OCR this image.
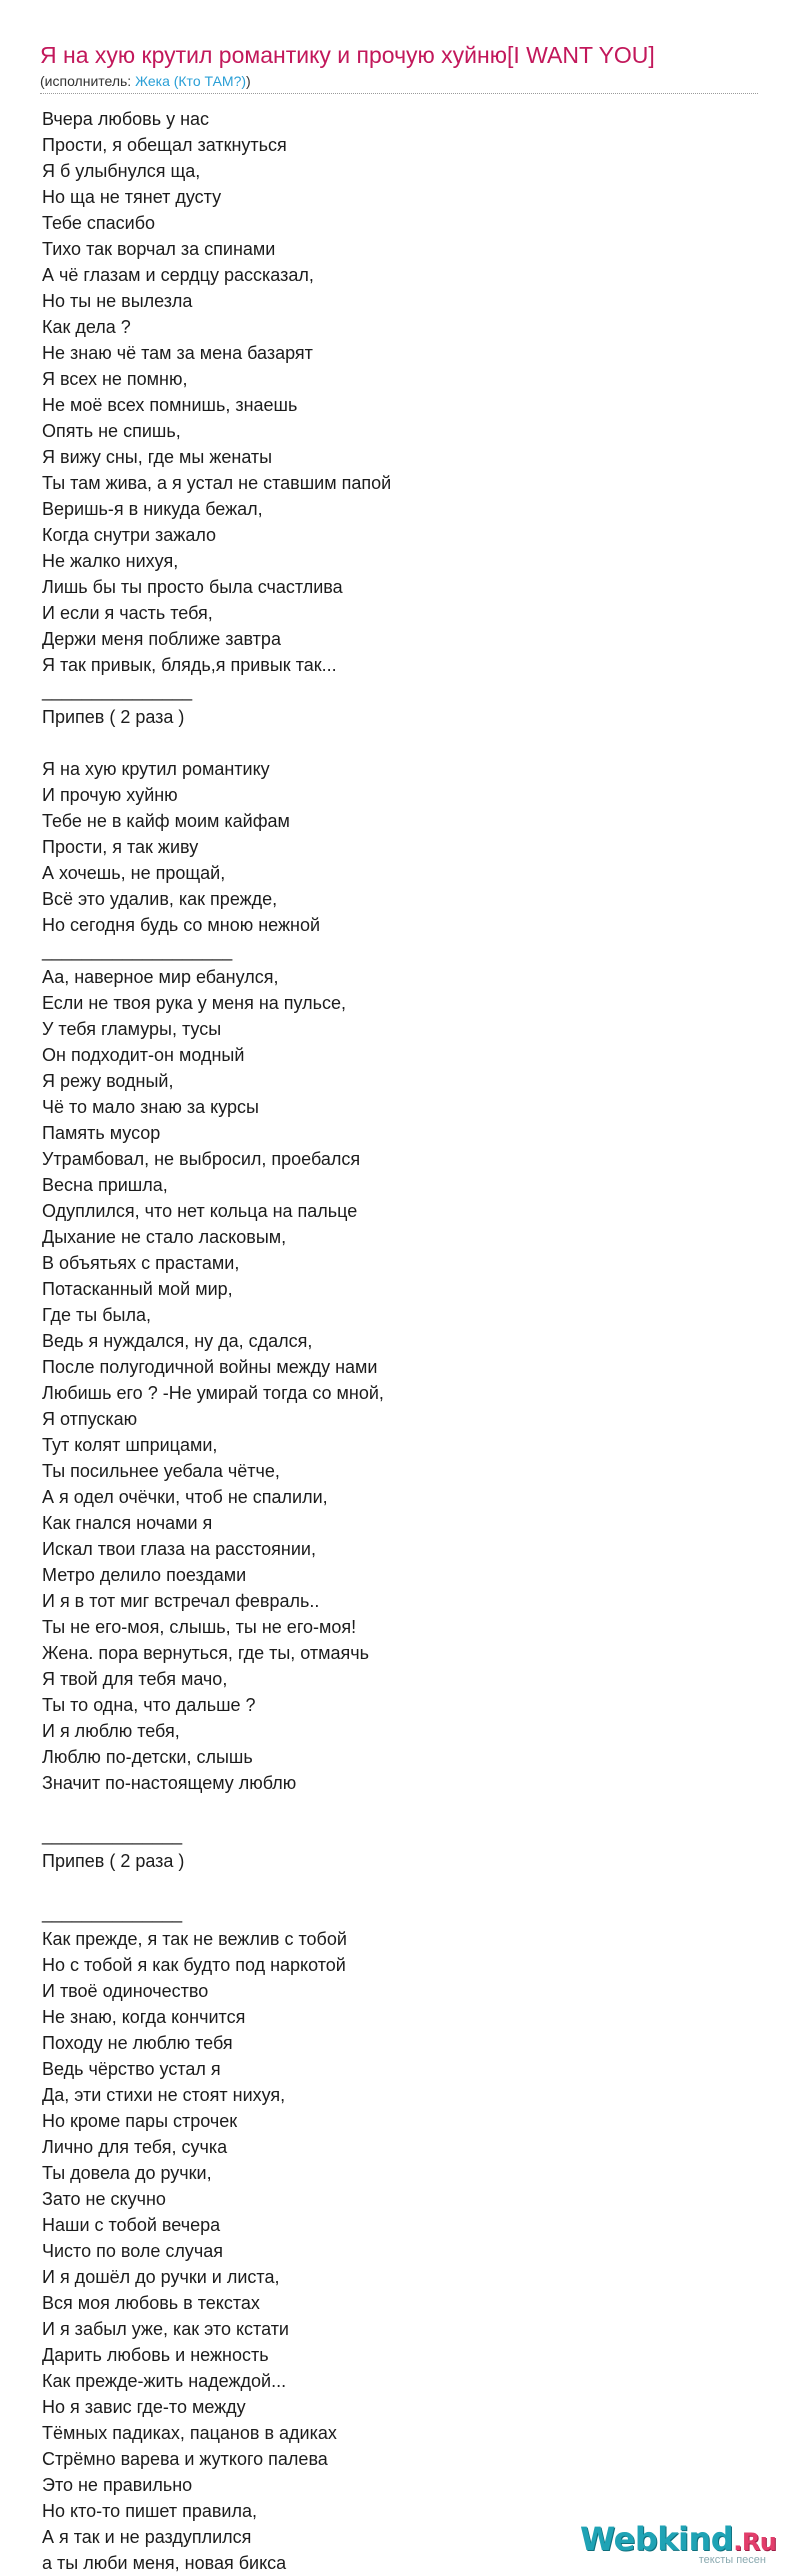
Я на хую крутил романтику и прочую хуйню[I WANT YOU]
(исполнитель: Жека (Кто ТАМ?))
Вчера любовь у нас
Прости, я обещал заткнуться
Я б улыбнулся ща,
Но ща не тянет дусту
Тебе спасибо
Тихо так ворчал за спинами
А чё глазам и сердцу рассказал,
Но ты не вылезла
Как дела ?
Не знаю чё там за мена базарят
Я всех не помню,
Не моё всех помнишь, знаешь
Опять не спишь,
Я вижу сны, где мы женаты
Ты там жива, а я устал не ставшим папой
Веришь-я в никуда бежал,
Когда снутри зажало
Не жалко нихуя,
Лишь бы ты просто была счастлива
И если я часть тебя,
Держи меня поближе завтра
Я так привык, блядь,я привык так...
_______________
Припев ( 2 раза )
Я на хую крутил романтику
И прочую хуйню
Тебе не в кайф моим кайфам
Прости, я так живу
А хочешь, не прощай,
Всё это удалив, как прежде,
Но сегодня будь со мною нежной
___________________
Аа, наверное мир ебанулся,
Если не твоя рука у меня на пульсе,
У тебя гламуры, тусы
Он подходит-он модный
Я режу водный,
Чё то мало знаю за курсы
Память мусор
Утрамбовал, не выбросил, проебался
Весна пришла,
Одуплился, что нет кольца на пальце
Дыхание не стало ласковым,
В объятьях с прастами,
Потасканный мой мир,
Где ты была,
Ведь я нуждался, ну да, сдался,
После полугодичной войны между нами
Любишь его ? -Не умирай тогда со мной,
Я отпускаю
Тут колят шприцами,
Ты посильнее уебала чётче,
А я одел очёчки, чтоб не спалили,
Как гнался ночами я
Искал твои глаза на расстоянии,
Метро делило поездами
И я в тот миг встречал февраль..
Ты не его-моя, слышь, ты не его-моя!
Жена. пора вернуться, где ты, отмаячь
Я твой для тебя мачо,
Ты то одна, что дальше ?
И я люблю тебя,
Люблю по-детски, слышь
Значит по-настоящему люблю
______________
Припев ( 2 раза )
______________
Как прежде, я так не вежлив с тобой
Но с тобой я как будто под наркотой
И твоё одиночество
Не знаю, когда кончится
Походу не люблю тебя
Ведь чёрство устал я
Да, эти стихи не стоят нихуя,
Но кроме пары строчек
Лично для тебя, сучка
Ты довела до ручки,
Зато не скучно
Наши с тобой вечера
Чисто по воле случая
И я дошёл до ручки и листа,
Вся моя любовь в текстах
И я забыл уже, как это кстати
Дарить любовь и нежность
Как прежде-жить надеждой...
Но я завис где-то между
Тёмных падиках, пацанов в адиках
Стрёмно варева и жуткого палева
Это не правильно
Но кто-то пишет правила,
А я так и не раздуплился
а ты люби меня, новая бикса
Webkind.Ru
тексты песен
